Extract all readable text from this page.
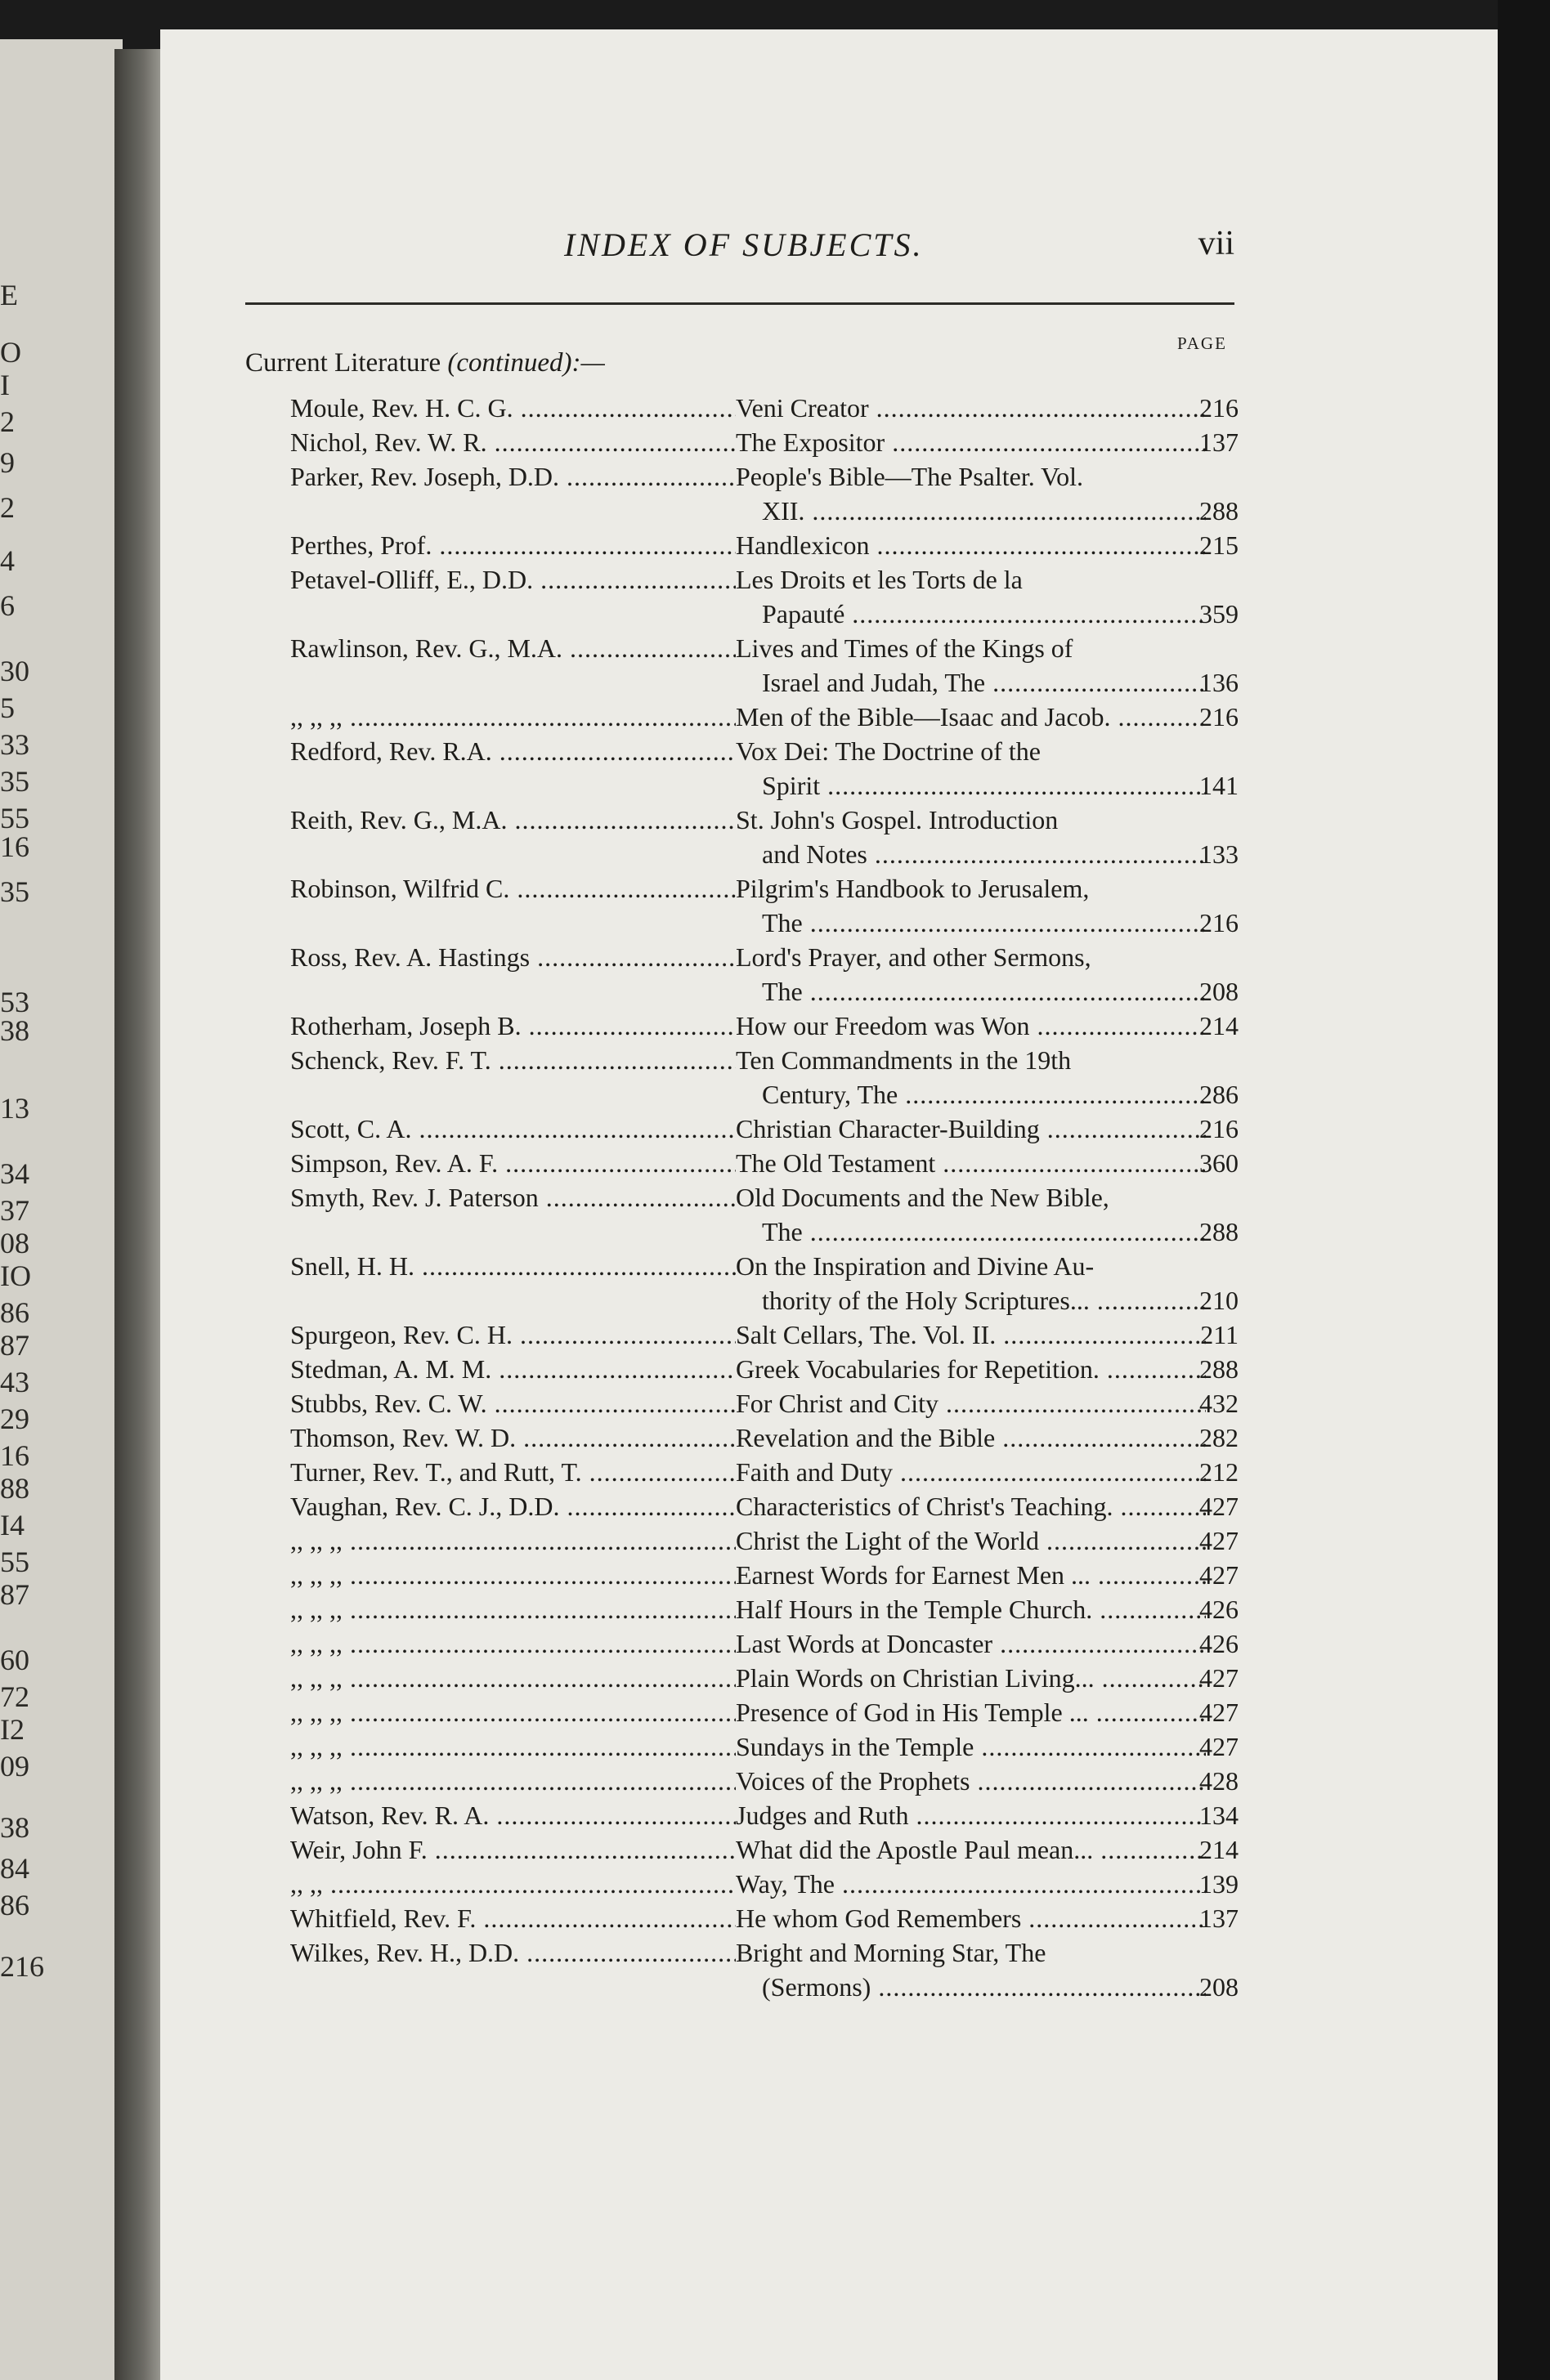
E
O
I
2
9
2
4
6
30
5
33
35
55
16
35
53
38
13
34
37
08
IO
86
87
43
29
16
88
I4
55
87
60
72
I2
09
38
84
86
216
INDEX OF SUBJECTS.	vii
PAGE
Current Literature (continued):—
Moule, Rev. H. C. G. .....	Veni Creator .....	216
Nichol, Rev. W. R. .....	The Expositor .....	137
Parker, Rev. Joseph, D.D. .....	People's Bible—The Psalter. Vol.
XII. .....	288
Perthes, Prof. .....	Handlexicon .....	215
Petavel-Olliff, E., D.D. .....	Les Droits et les Torts de la
Papauté .....	359
Rawlinson, Rev. G., M.A. .....	Lives and Times of the Kings of
Israel and Judah, The .....	136
,, ,, ,, .....	Men of the Bible—Isaac and Jacob. .....	216
Redford, Rev. R.A. .....	Vox Dei: The Doctrine of the
Spirit .....	141
Reith, Rev. G., M.A. .....	St. John's Gospel. Introduction
and Notes .....	133
Robinson, Wilfrid C. .....	Pilgrim's Handbook to Jerusalem,
The .....	216
Ross, Rev. A. Hastings .....	Lord's Prayer, and other Sermons,
The .....	208
Rotherham, Joseph B. .....	How our Freedom was Won .....	214
Schenck, Rev. F. T. .....	Ten Commandments in the 19th
Century, The .....	286
Scott, C. A. .....	Christian Character-Building .....	216
Simpson, Rev. A. F. .....	The Old Testament .....	360
Smyth, Rev. J. Paterson .....	Old Documents and the New Bible,
The .....	288
Snell, H. H. .....	On the Inspiration and Divine Au-
thority of the Holy Scriptures... .....	210
Spurgeon, Rev. C. H. .....	Salt Cellars, The. Vol. II. .....	211
Stedman, A. M. M. .....	Greek Vocabularies for Repetition. .....	288
Stubbs, Rev. C. W. .....	For Christ and City .....	432
Thomson, Rev. W. D. .....	Revelation and the Bible .....	282
Turner, Rev. T., and Rutt, T. .....	Faith and Duty .....	212
Vaughan, Rev. C. J., D.D. .....	Characteristics of Christ's Teaching. .....	427
,, ,, ,, .....	Christ the Light of the World .....	427
,, ,, ,, .....	Earnest Words for Earnest Men ... .....	427
,, ,, ,, .....	Half Hours in the Temple Church. .....	426
,, ,, ,, .....	Last Words at Doncaster .....	426
,, ,, ,, .....	Plain Words on Christian Living... .....	427
,, ,, ,, .....	Presence of God in His Temple ... .....	427
,, ,, ,, .....	Sundays in the Temple .....	427
,, ,, ,, .....	Voices of the Prophets .....	428
Watson, Rev. R. A. .....	Judges and Ruth .....	134
Weir, John F. .....	What did the Apostle Paul mean... .....	214
,, ,, .....	Way, The .....	139
Whitfield, Rev. F. .....	He whom God Remembers .....	137
Wilkes, Rev. H., D.D. .....	Bright and Morning Star, The
(Sermons) .....	208
